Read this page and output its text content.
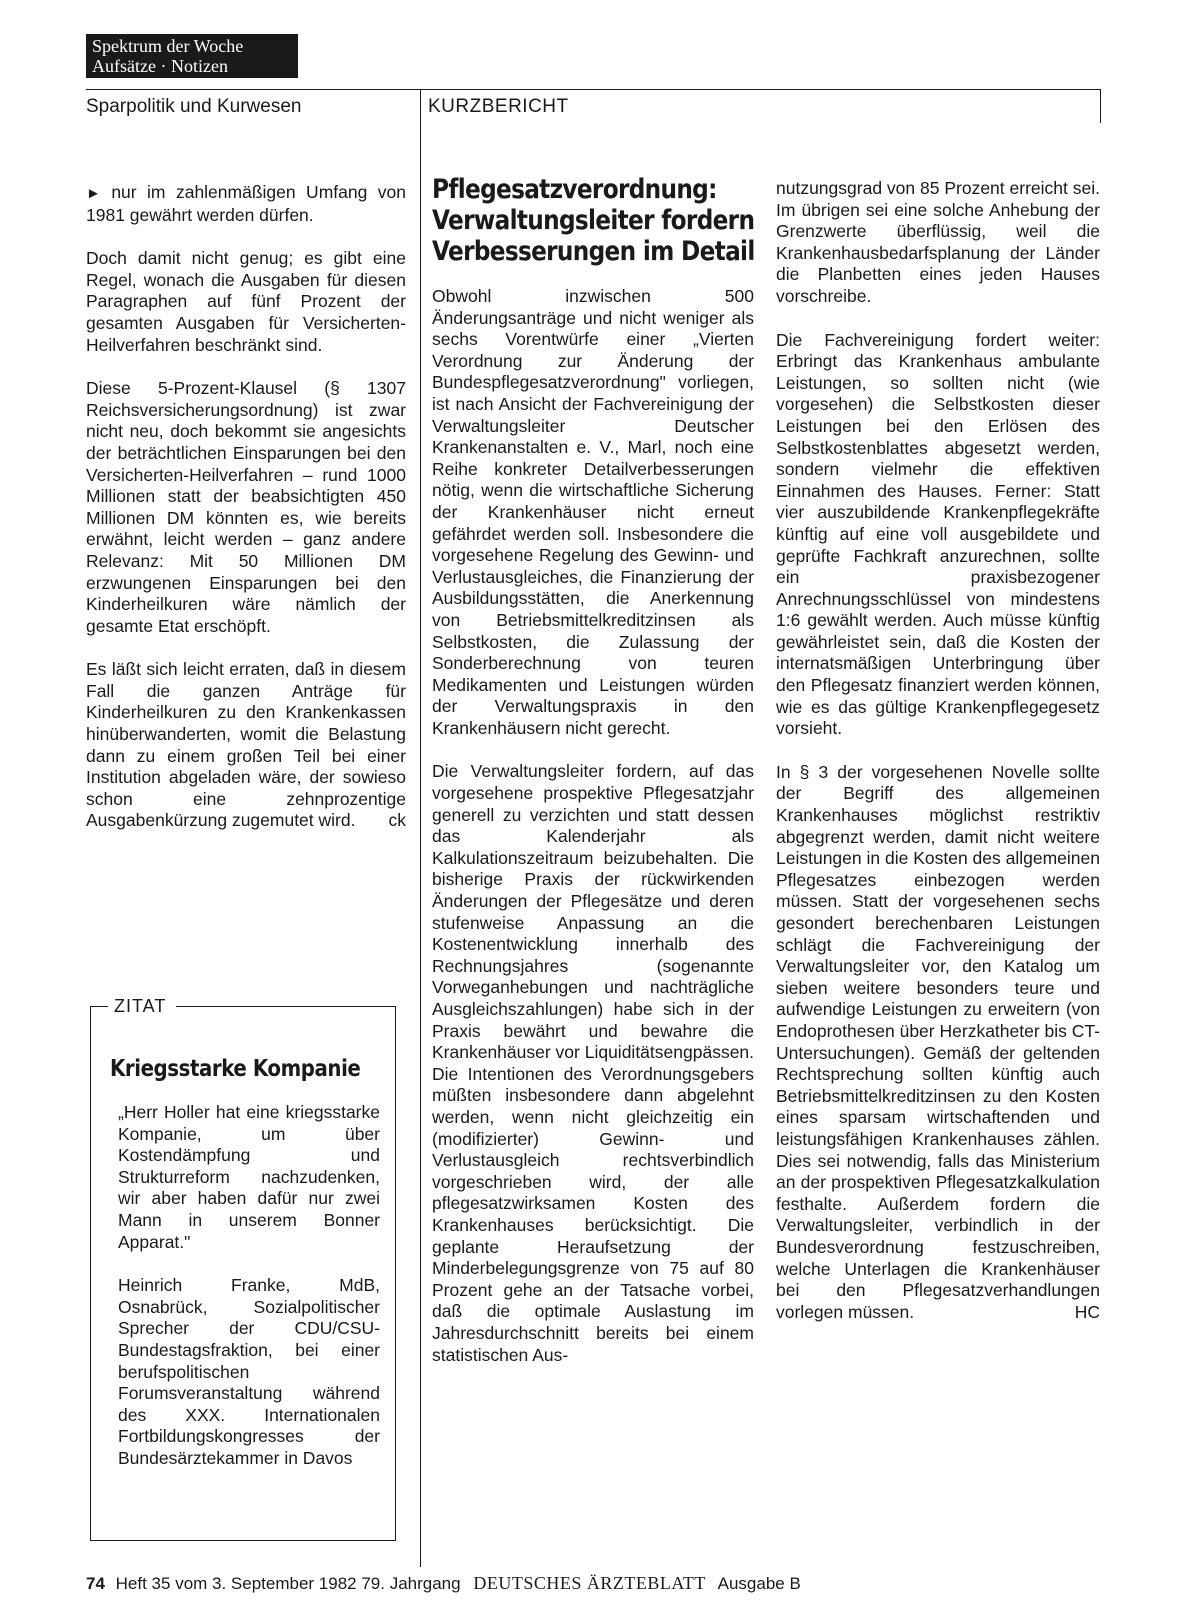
Spektrum der Woche
Aufsätze · Notizen
Sparpolitik und Kurwesen	KURZBERICHT

► nur im zahlenmäßigen Umfang von 1981 gewährt werden dürfen.

Doch damit nicht genug; es gibt eine Regel, wonach die Ausgaben für diesen Paragraphen auf fünf Prozent der gesamten Ausgaben für Versicherten-Heilverfahren beschränkt sind.

Diese 5-Prozent-Klausel (§ 1307 Reichsversicherungsordnung) ist zwar nicht neu, doch bekommt sie angesichts der beträchtlichen Einsparungen bei den Versicherten-Heilverfahren – rund 1000 Millionen statt der beabsichtigten 450 Millionen DM könnten es, wie bereits erwähnt, leicht werden – ganz andere Relevanz: Mit 50 Millionen DM erzwungenen Einsparungen bei den Kinderheilkuren wäre nämlich der gesamte Etat erschöpft.

Es läßt sich leicht erraten, daß in diesem Fall die ganzen Anträge für Kinderheilkuren zu den Krankenkassen hinüberwanderten, womit die Belastung dann zu einem großen Teil bei einer Institution abgeladen wäre, der sowieso schon eine zehnprozentige Ausgabenkürzung zugemutet wird. ck

ZITAT
Kriegsstarke Kompanie

„Herr Holler hat eine kriegsstarke Kompanie, um über Kostendämpfung und Strukturreform nachzudenken, wir aber haben dafür nur zwei Mann in unserem Bonner Apparat."

Heinrich Franke, MdB, Osnabrück, Sozialpolitischer Sprecher der CDU/CSU-Bundestagsfraktion, bei einer berufspolitischen Forumsveranstaltung während des XXX. Internationalen Fortbildungskongresses der Bundesärztekammer in Davos

Pflegesatzverordnung: Verwaltungsleiter fordern Verbesserungen im Detail

Obwohl inzwischen 500 Änderungsanträge und nicht weniger als sechs Vorentwürfe einer „Vierten Verordnung zur Änderung der Bundespflegesatzverordnung" vorliegen, ist nach Ansicht der Fachvereinigung der Verwaltungsleiter Deutscher Krankenanstalten e. V., Marl, noch eine Reihe konkreter Detailverbesserungen nötig, wenn die wirtschaftliche Sicherung der Krankenhäuser nicht erneut gefährdet werden soll. Insbesondere die vorgesehene Regelung des Gewinn- und Verlustausgleiches, die Finanzierung der Ausbildungsstätten, die Anerkennung von Betriebsmittelkreditzinsen als Selbstkosten, die Zulassung der Sonderberechnung von teuren Medikamenten und Leistungen würden der Verwaltungspraxis in den Krankenhäusern nicht gerecht.

Die Verwaltungsleiter fordern, auf das vorgesehene prospektive Pflegesatzjahr generell zu verzichten und statt dessen das Kalenderjahr als Kalkulationszeitraum beizubehalten. Die bisherige Praxis der rückwirkenden Änderungen der Pflegesätze und deren stufenweise Anpassung an die Kostenentwicklung innerhalb des Rechnungsjahres (sogenannte Vorweganhebungen und nachträgliche Ausgleichszahlungen) habe sich in der Praxis bewährt und bewahre die Krankenhäuser vor Liquiditätsengpässen. Die Intentionen des Verordnungsgebers müßten insbesondere dann abgelehnt werden, wenn nicht gleichzeitig ein (modifizierter) Gewinn- und Verlustausgleich rechtsverbindlich vorgeschrieben wird, der alle pflegesatzwirksamen Kosten des Krankenhauses berücksichtigt. Die geplante Heraufsetzung der Minderbelegungsgrenze von 75 auf 80 Prozent gehe an der Tatsache vorbei, daß die optimale Auslastung im Jahresdurchschnitt bereits bei einem statistischen Aus-

nutzungsgrad von 85 Prozent erreicht sei. Im übrigen sei eine solche Anhebung der Grenzwerte überflüssig, weil die Krankenhausbedarfsplanung der Länder die Planbetten eines jeden Hauses vorschreibe.

Die Fachvereinigung fordert weiter: Erbringt das Krankenhaus ambulante Leistungen, so sollten nicht (wie vorgesehen) die Selbstkosten dieser Leistungen bei den Erlösen des Selbstkostenblattes abgesetzt werden, sondern vielmehr die effektiven Einnahmen des Hauses. Ferner: Statt vier auszubildende Krankenpflegekräfte künftig auf eine voll ausgebildete und geprüfte Fachkraft anzurechnen, sollte ein praxisbezogener Anrechnungsschlüssel von mindestens 1:6 gewählt werden. Auch müsse künftig gewährleistet sein, daß die Kosten der internatsmäßigen Unterbringung über den Pflegesatz finanziert werden können, wie es das gültige Krankenpflegegesetz vorsieht.

In § 3 der vorgesehenen Novelle sollte der Begriff des allgemeinen Krankenhauses möglichst restriktiv abgegrenzt werden, damit nicht weitere Leistungen in die Kosten des allgemeinen Pflegesatzes einbezogen werden müssen. Statt der vorgesehenen sechs gesondert berechenbaren Leistungen schlägt die Fachvereinigung der Verwaltungsleiter vor, den Katalog um sieben weitere besonders teure und aufwendige Leistungen zu erweitern (von Endoprothesen über Herzkatheter bis CT-Untersuchungen). Gemäß der geltenden Rechtsprechung sollten künftig auch Betriebsmittelkreditzinsen zu den Kosten eines sparsam wirtschaftenden und leistungsfähigen Krankenhauses zählen. Dies sei notwendig, falls das Ministerium an der prospektiven Pflegesatzkalkulation festhalte. Außerdem fordern die Verwaltungsleiter, verbindlich in der Bundesverordnung festzuschreiben, welche Unterlagen die Krankenhäuser bei den Pflegesatzverhandlungen vorlegen müssen.	HC

74 Heft 35 vom 3. September 1982 79. Jahrgang DEUTSCHES ÄRZTEBLATT Ausgabe B
